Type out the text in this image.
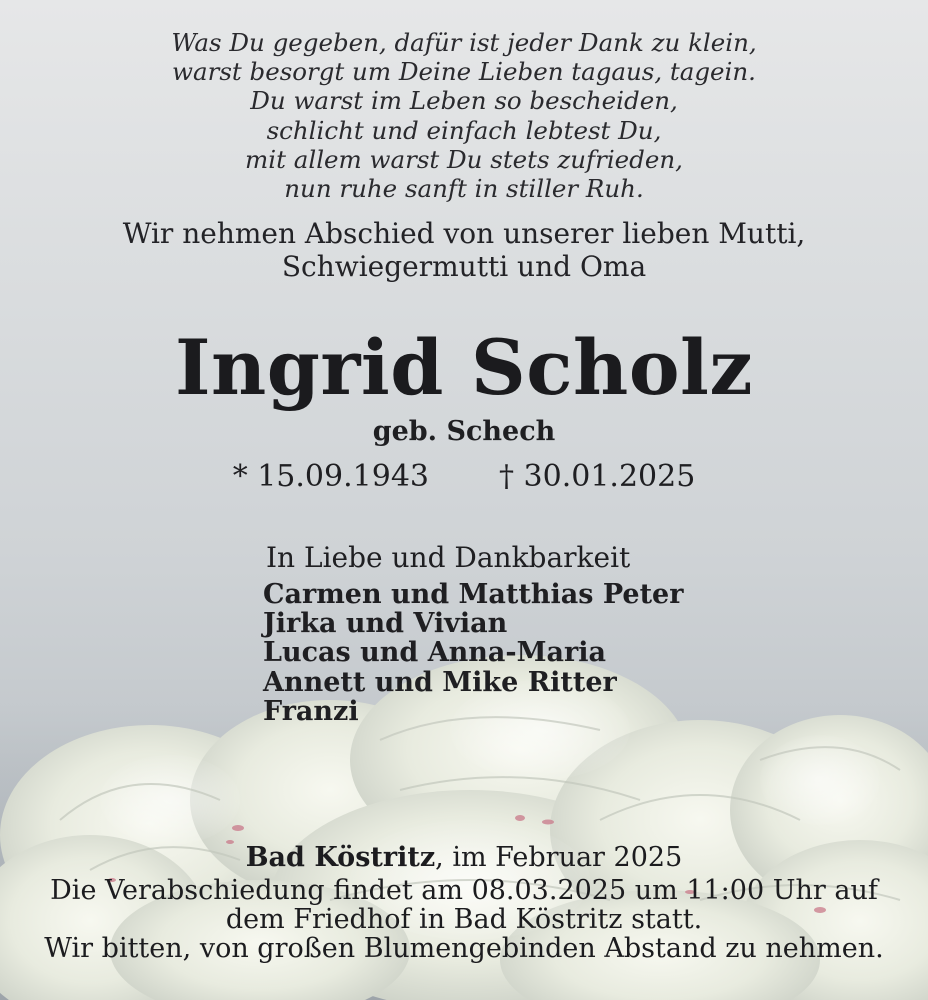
Was Du gegeben, dafür ist jeder Dank zu klein,
warst besorgt um Deine Lieben tagaus, tagein.
Du warst im Leben so bescheiden,
schlicht und einfach lebtest Du,
mit allem warst Du stets zufrieden,
nun ruhe sanft in stiller Ruh.
Wir nehmen Abschied von unserer lieben Mutti,
Schwiegermutti und Oma
Ingrid Scholz
geb. Schech
* 15.09.1943 † 30.01.2025
In Liebe und Dankbarkeit
Carmen und Matthias Peter
Jirka und Vivian
Lucas und Anna-Maria
Annett und Mike Ritter
Franzi
Bad Köstritz, im Februar 2025
Die Verabschiedung findet am 08.03.2025 um 11:00 Uhr auf
dem Friedhof in Bad Köstritz statt.
Wir bitten, von großen Blumengebinden Abstand zu nehmen.
